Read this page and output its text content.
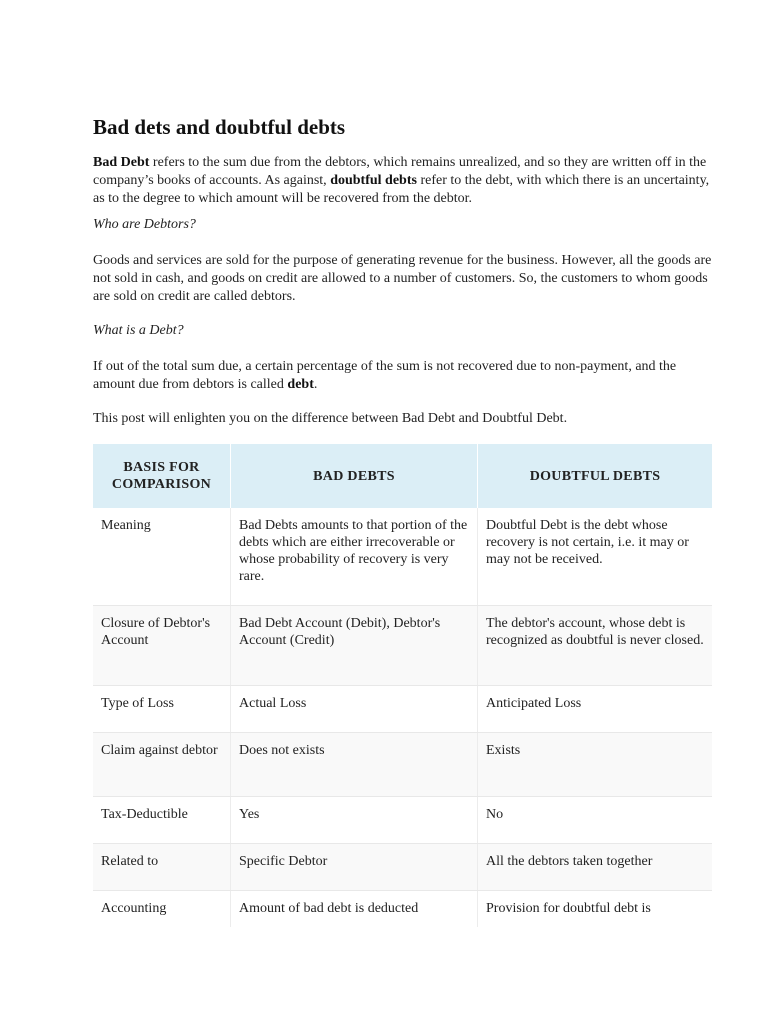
Bad dets and doubtful debts

Bad Debt refers to the sum due from the debtors, which remains unrealized, and so they are written off in the company’s books of accounts. As against, doubtful debts refer to the debt, with which there is an uncertainty, as to the degree to which amount will be recovered from the debtor.

Who are Debtors?

Goods and services are sold for the purpose of generating revenue for the business. However, all the goods are not sold in cash, and goods on credit are allowed to a number of customers. So, the customers to whom goods are sold on credit are called debtors.

What is a Debt?

If out of the total sum due, a certain percentage of the sum is not recovered due to non-payment, and the amount due from debtors is called debt.

This post will enlighten you on the difference between Bad Debt and Doubtful Debt.

BASIS FOR COMPARISON	BAD DEBTS	DOUBTFUL DEBTS
Meaning	Bad Debts amounts to that portion of the debts which are either irrecoverable or whose probability of recovery is very rare.	Doubtful Debt is the debt whose recovery is not certain, i.e. it may or may not be received.
Closure of Debtor's Account	Bad Debt Account (Debit), Debtor's Account (Credit)	The debtor's account, whose debt is recognized as doubtful is never closed.
Type of Loss	Actual Loss	Anticipated Loss
Claim against debtor	Does not exists	Exists
Tax-Deductible	Yes	No
Related to	Specific Debtor	All the debtors taken together
Accounting	Amount of bad debt is deducted	Provision for doubtful debt is
